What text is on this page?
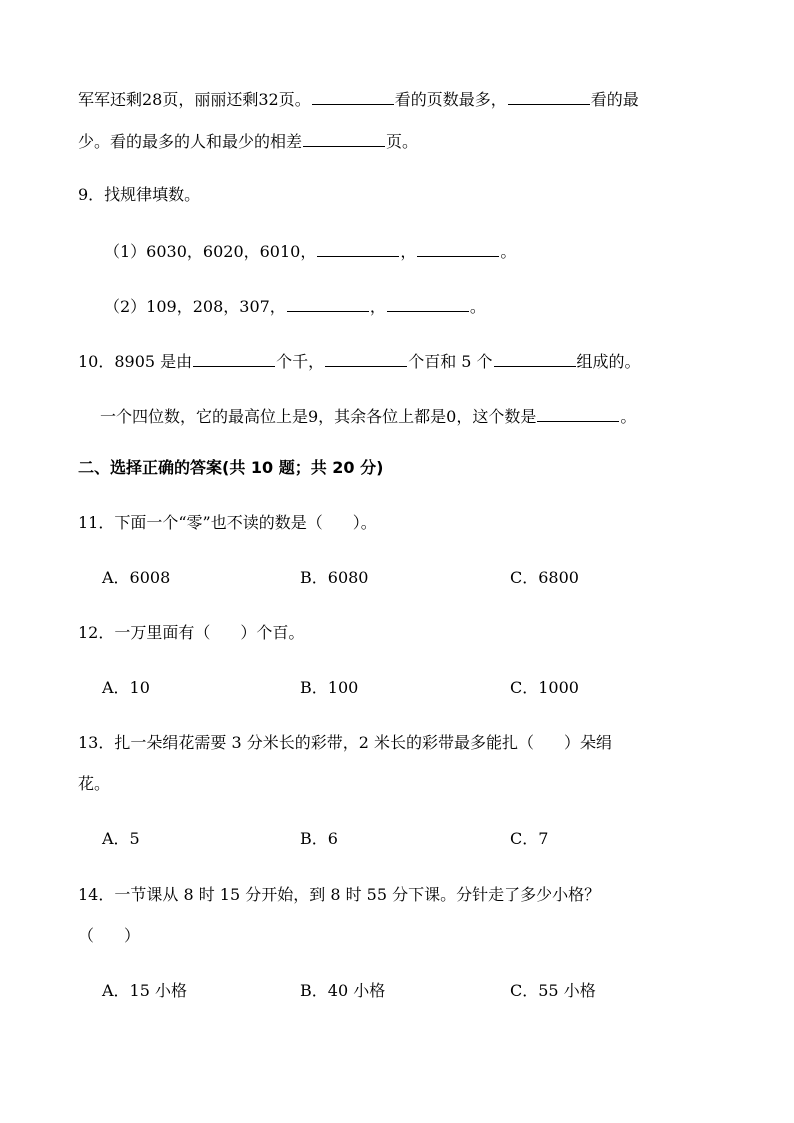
军军还剩28页，丽丽还剩32页。	看的页数最多，	看的最
少。看的最多的人和最少的相差	页。
9．找规律填数。
（1）6030，6020，6010，	，	。
（2）109，208，307，	，	。
10．8905 是由	个千，	个百和 5 个	组成的。
一个四位数，它的最高位上是9，其余各位上都是0，这个数是	。
二、选择正确的答案(共 10 题；共 20 分)
11．下面一个“零”也不读的数是（ ）。
A．6008	B．6080	C．6800
12．一万里面有（ ）个百。
A．10	B．100	C．1000
13．扎一朵绢花需要 3 分米长的彩带，2 米长的彩带最多能扎（ ）朵绢
花。
A．5	B．6	C．7
14．一节课从 8 时 15 分开始，到 8 时 55 分下课。分针走了多少小格？
（ ）
A．15 小格	B．40 小格	C．55 小格
